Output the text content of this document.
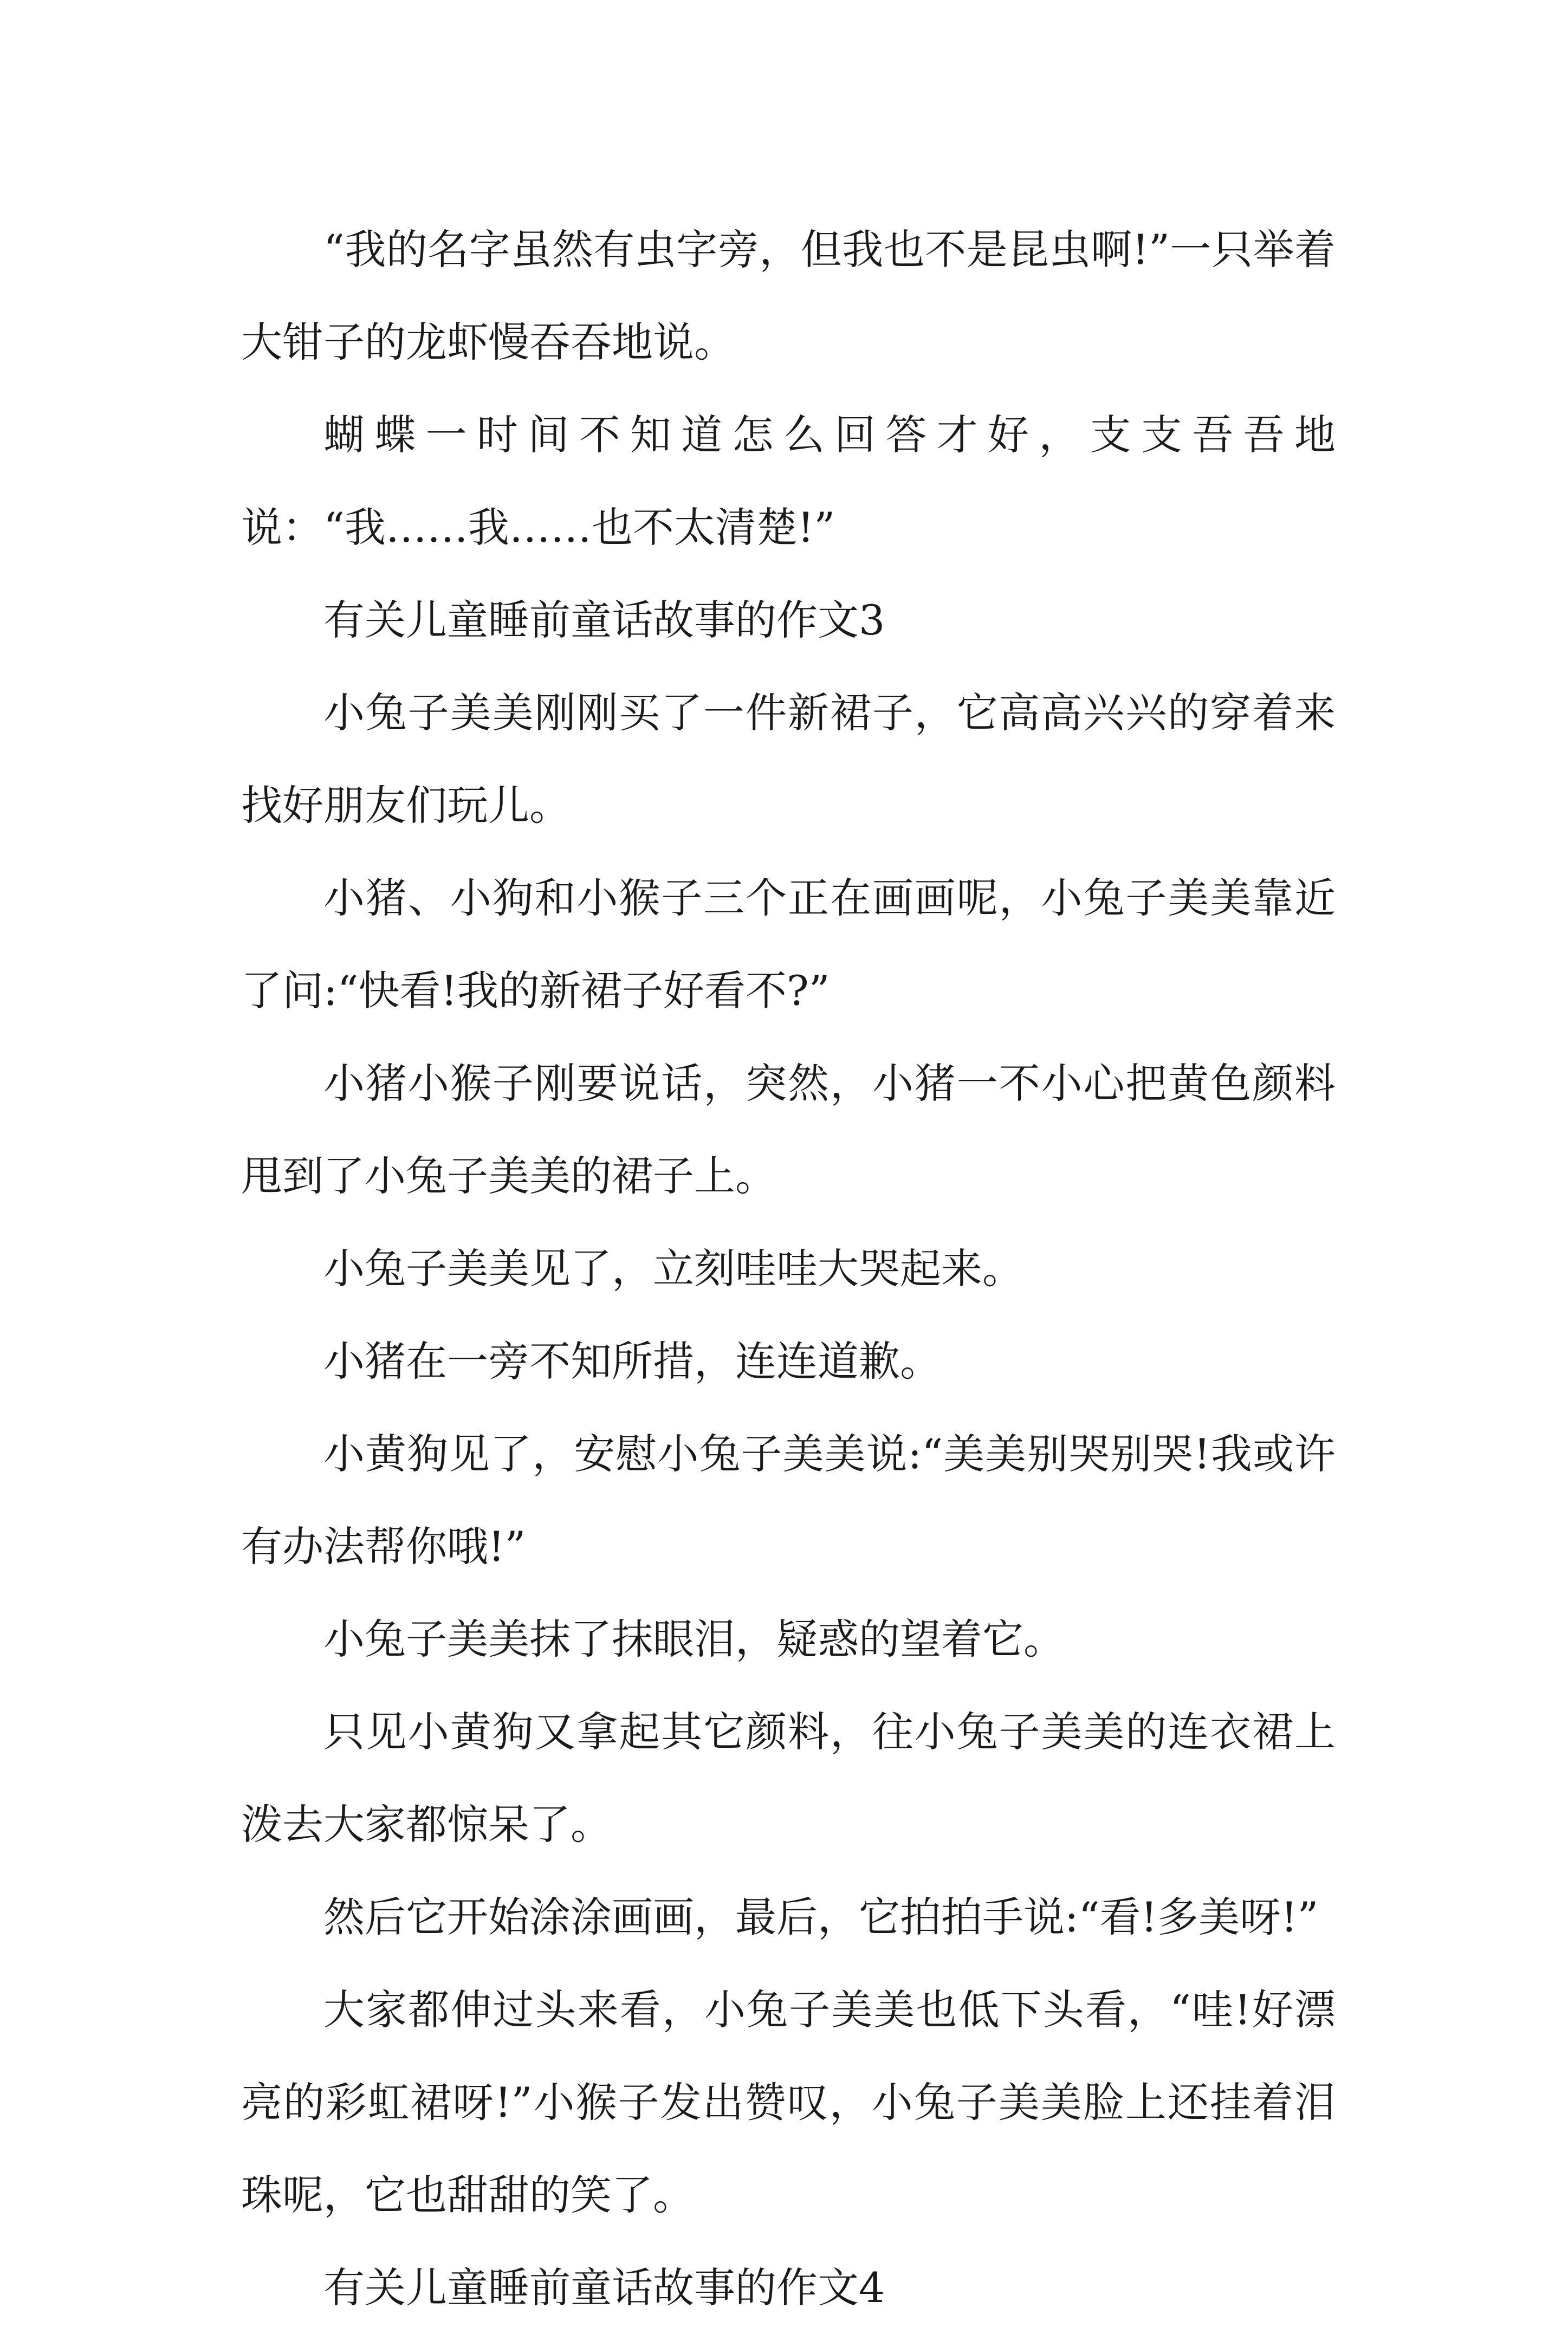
“我的名字虽然有虫字旁，但我也不是昆虫啊!”一只举着大钳子的龙虾慢吞吞地说。

蝴蝶一时间不知道怎么回答才好，支支吾吾地说：“我……我……也不太清楚!”

有关儿童睡前童话故事的作文3

小兔子美美刚刚买了一件新裙子，它高高兴兴的穿着来找好朋友们玩儿。

小猪、小狗和小猴子三个正在画画呢，小兔子美美靠近了问:“快看!我的新裙子好看不?”

小猪小猴子刚要说话，突然，小猪一不小心把黄色颜料甩到了小兔子美美的裙子上。

小兔子美美见了，立刻哇哇大哭起来。

小猪在一旁不知所措，连连道歉。

小黄狗见了，安慰小兔子美美说:“美美别哭别哭!我或许有办法帮你哦!”

小兔子美美抹了抹眼泪，疑惑的望着它。

只见小黄狗又拿起其它颜料，往小兔子美美的连衣裙上泼去大家都惊呆了。

然后它开始涂涂画画，最后，它拍拍手说:“看!多美呀!”

大家都伸过头来看，小兔子美美也低下头看，“哇!好漂亮的彩虹裙呀!”小猴子发出赞叹，小兔子美美脸上还挂着泪珠呢，它也甜甜的笑了。

有关儿童睡前童话故事的作文4
